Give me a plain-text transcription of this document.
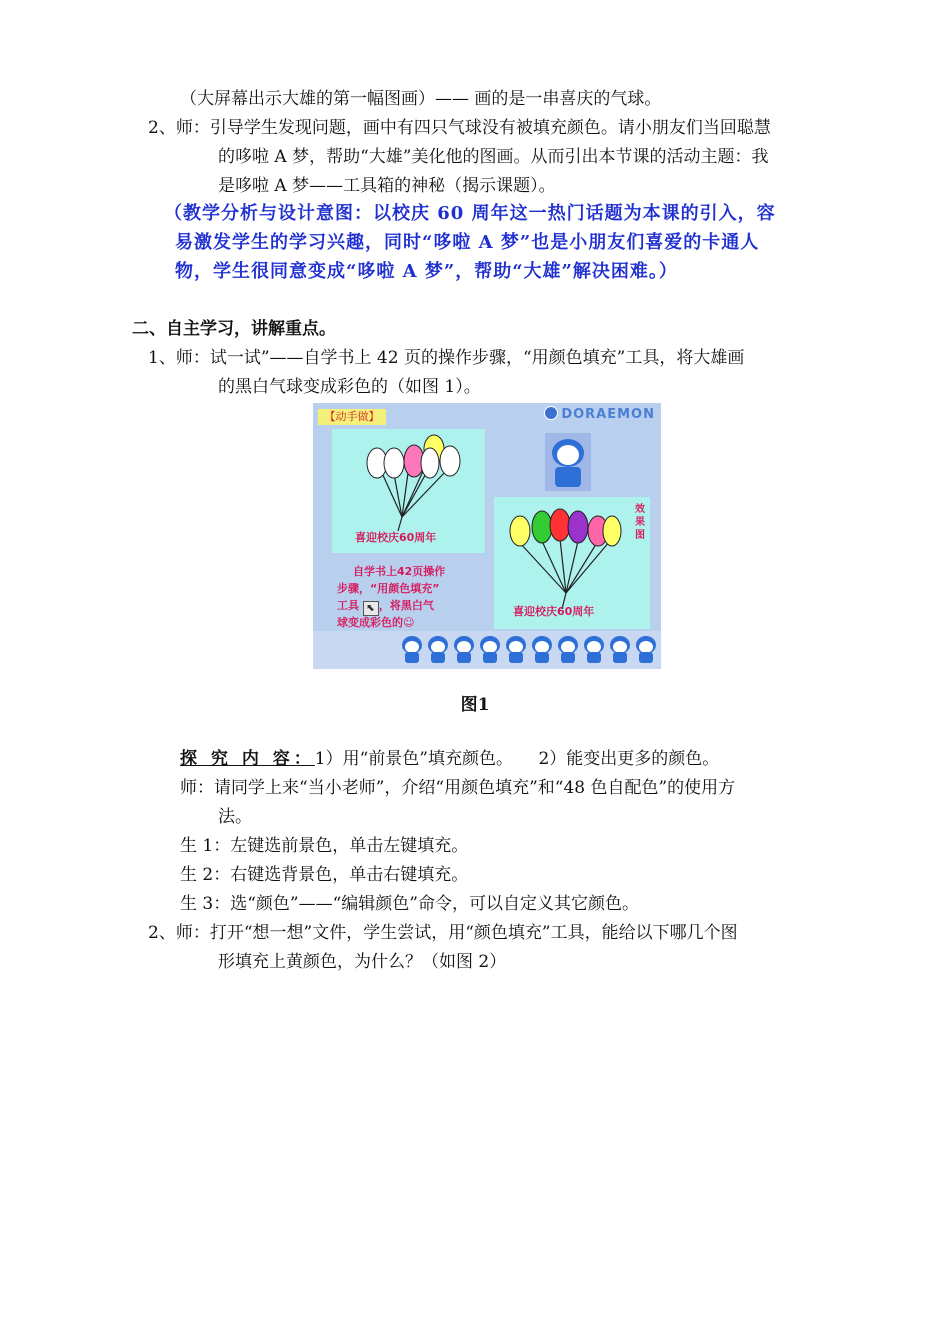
（大屏幕出示大雄的第一幅图画）—— 画的是一串喜庆的气球。
2、师：引导学生发现问题，画中有四只气球没有被填充颜色。请小朋友们当回聪慧
的哆啦 A 梦，帮助“大雄”美化他的图画。从而引出本节课的活动主题：我
是哆啦 A 梦——工具箱的神秘（揭示课题）。
（教学分析与设计意图：以校庆 60 周年这一热门话题为本课的引入，容
易激发学生的学习兴趣，同时“哆啦 A 梦”也是小朋友们喜爱的卡通人
物，学生很同意变成“哆啦 A 梦”，帮助“大雄”解决困难。）
二、自主学习，讲解重点。
1、师：试一试”——自学书上 42 页的操作步骤，“用颜色填充”工具，将大雄画
的黑白气球变成彩色的（如图 1）。
【动手做】	DORAEMON
喜迎校庆60周年
喜迎校庆60周年
效果图
自学书上42页操作
步骤，“用颜色填充”
工具 ⬉ ，将黑白气
球变成彩色的☺
图1
探 究 内 容：1）用“前景色”填充颜色。　　2）能变出更多的颜色。
师：请同学上来“当小老师”，介绍“用颜色填充”和“48 色自配色”的使用方
法。
生 1：左键选前景色，单击左键填充。
生 2：右键选背景色，单击右键填充。
生 3：选“颜色”——“编辑颜色”命令，可以自定义其它颜色。
2、师：打开“想一想”文件，学生尝试，用“颜色填充”工具，能给以下哪几个图
形填充上黄颜色，为什么？（如图 2）
